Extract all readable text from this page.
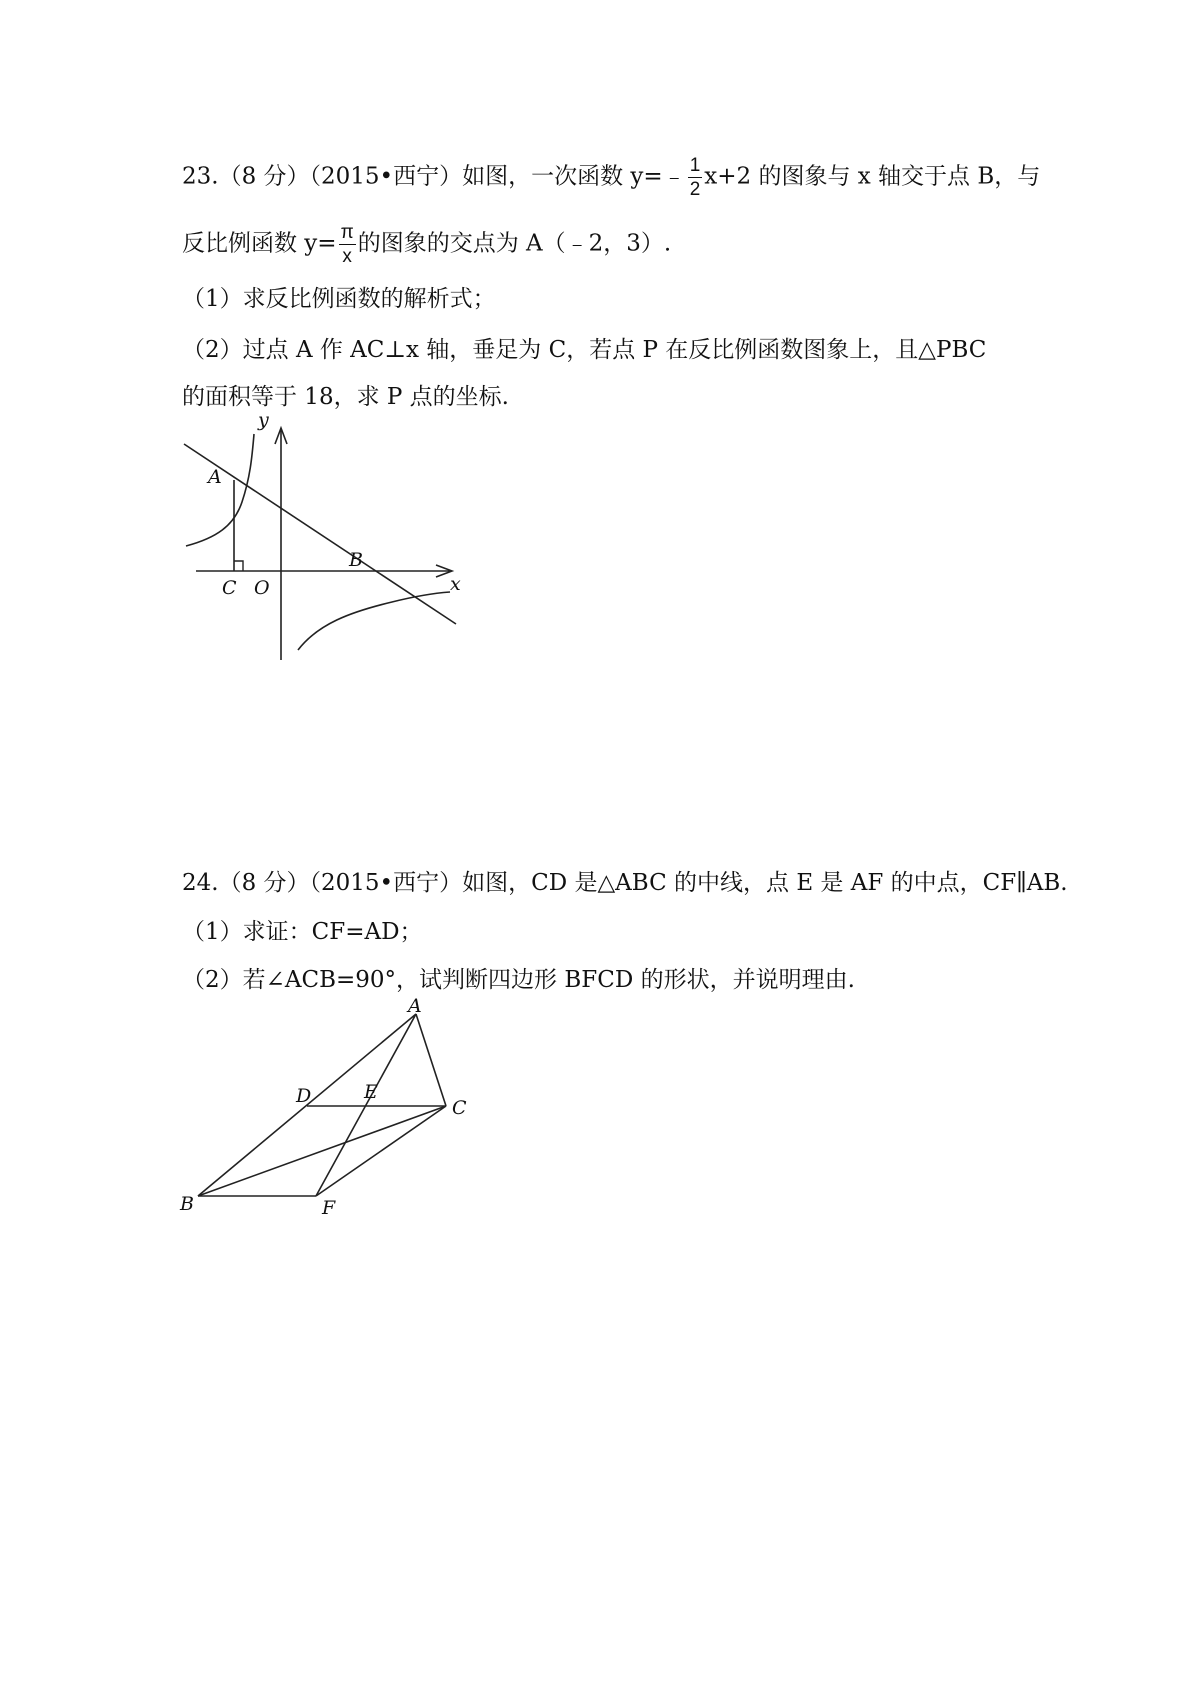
23.（8 分）（2015•西宁）如图，一次函数 y=﹣ $\frac{1}{2} x+2$ 的图象与 x 轴交于点 B，与
反比例函数 $y= \frac{\pi}{x}$ 的图象的交点为 A（﹣2，3）.
（1）求反比例函数的解析式；
（2）过点 A 作 AC⊥x 轴，垂足为 C，若点 P 在反比例函数图象上，且△PBC
的面积等于 18，求 P 点的坐标.
y
x
A
B
C O
24.（8 分）（2015•西宁）如图，CD 是△ABC 的中线，点 E 是 AF 的中点，CF∥AB.
（1）求证：CF=AD；
（2）若∠ACB=90°，试判断四边形 BFCD 的形状，并说明理由.
A
B
C
D	E
F
